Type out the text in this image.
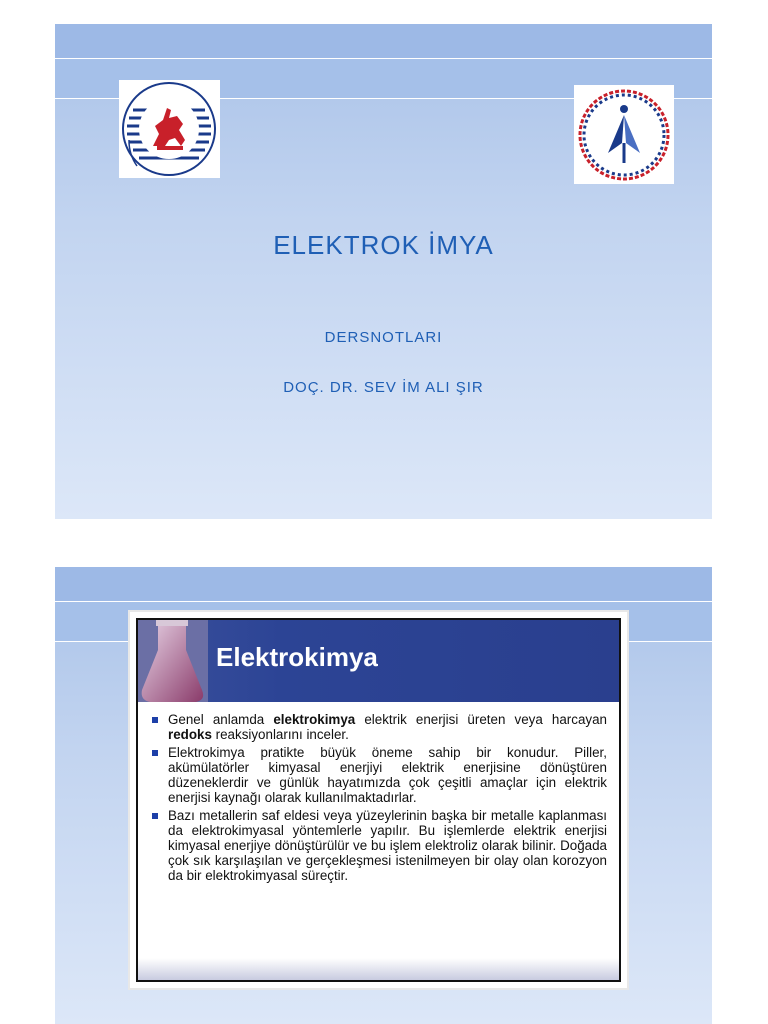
ELEKTROK İMYA
DERSNOTLARI
DOÇ. DR. SEV İM ALI ŞIR
Elektrokimya
Genel anlamda elektrokimya elektrik enerjisi üreten veya harcayan redoks reaksiyonlarını inceler.
Elektrokimya pratikte büyük öneme sahip bir konudur. Piller, akümülatörler kimyasal enerjiyi elektrik enerjisine dönüştüren düzeneklerdir ve günlük hayatımızda çok çeşitli amaçlar için elektrik enerjisi kaynağı olarak kullanılmaktadırlar.
Bazı metallerin saf eldesi veya yüzeylerinin başka bir metalle kaplanması da elektrokimyasal yöntemlerle yapılır. Bu işlemlerde elektrik enerjisi kimyasal enerjiye dönüştürülür ve bu işlem elektroliz olarak bilinir. Doğada çok sık karşılaşılan ve gerçekleşmesi istenilmeyen bir olay olan korozyon da bir elektrokimyasal süreçtir.
